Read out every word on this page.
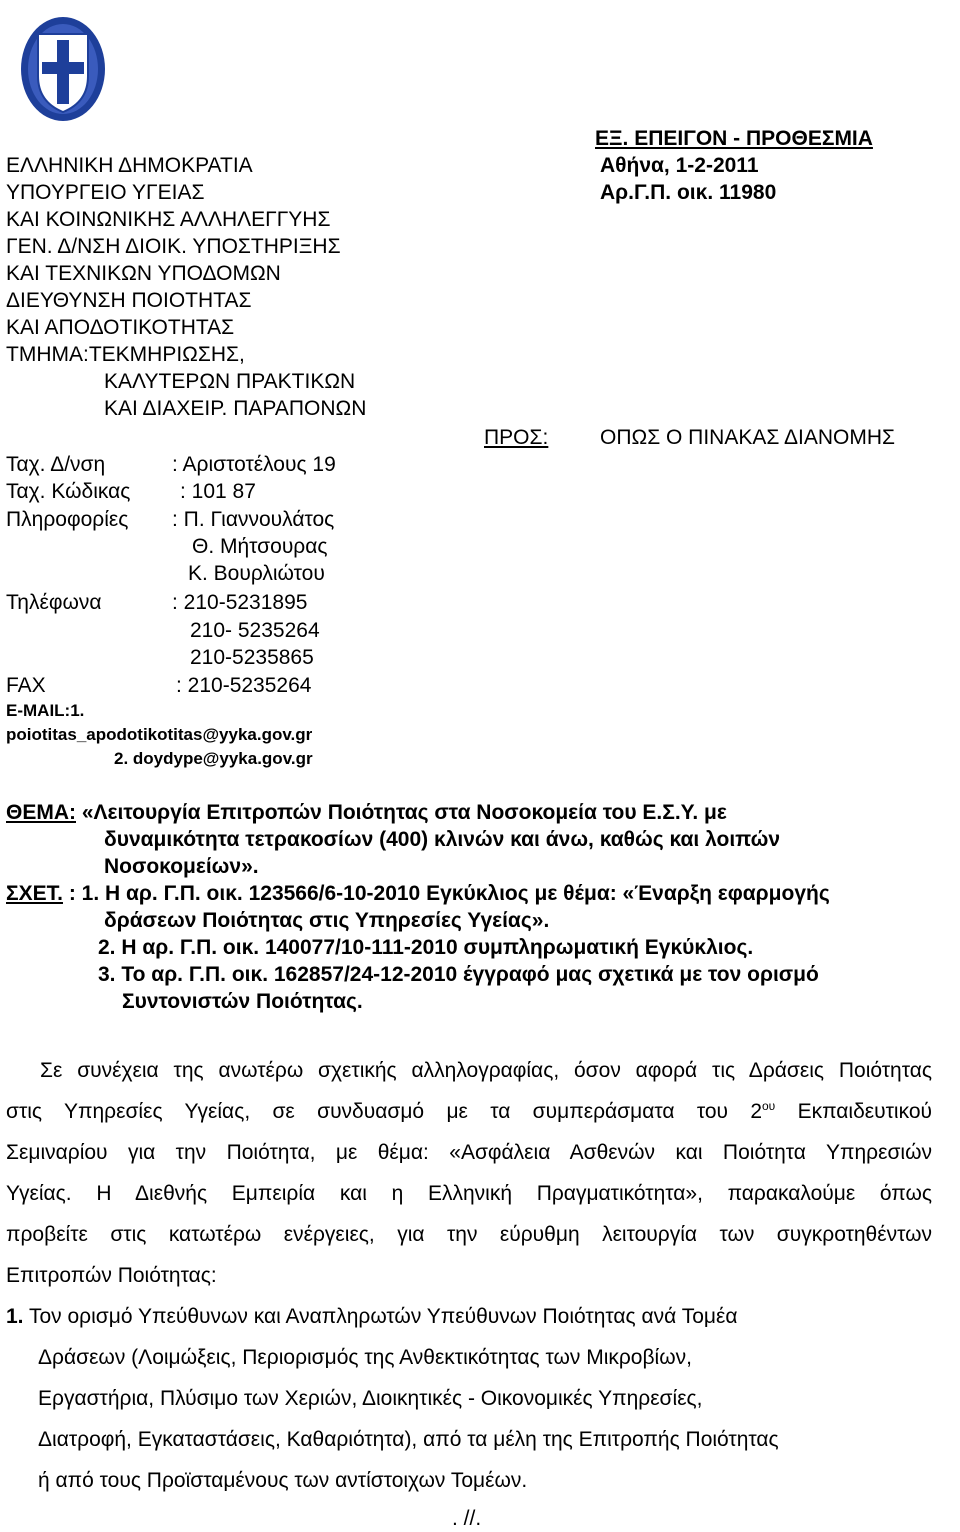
ΕΞ. ΕΠΕΙΓΟΝ - ΠΡΟΘΕΣΜΙΑ
Αθήνα, 1-2-2011
Αρ.Γ.Π. οικ. 11980
ΕΛΛΗΝΙΚΗ ΔΗΜΟΚΡΑΤΙΑ
ΥΠΟΥΡΓΕΙΟ ΥΓΕΙΑΣ
ΚΑΙ ΚΟΙΝΩΝΙΚΗΣ ΑΛΛΗΛΕΓΓΥΗΣ
ΓΕΝ. Δ/ΝΣΗ ΔΙΟΙΚ. ΥΠΟΣΤΗΡΙΞΗΣ
ΚΑΙ ΤΕΧΝΙΚΩΝ ΥΠΟΔΟΜΩΝ
ΔΙΕΥΘΥΝΣΗ ΠΟΙΟΤΗΤΑΣ
ΚΑΙ ΑΠΟΔΟΤΙΚΟΤΗΤΑΣ
ΤΜΗΜΑ:ΤΕΚΜΗΡΙΩΣΗΣ,
ΚΑΛΥΤΕΡΩΝ ΠΡΑΚΤΙΚΩΝ
ΚΑΙ ΔΙΑΧΕΙΡ. ΠΑΡΑΠΟΝΩΝ
ΠΡΟΣ: ΟΠΩΣ Ο ΠΙΝΑΚΑΣ ΔΙΑΝΟΜΗΣ
Ταχ. Δ/νση	: Αριστοτέλους 19
Ταχ. Κώδικας : 101 87
Πληροφορίες : Π. Γιαννουλάτος
Θ. Μήτσουρας
Κ. Βουρλιώτου
Τηλέφωνα	: 210-5231895
210- 5235264
210-5235865
FAX	: 210-5235264
E-MAIL:1.
poiotitas_apodotikotitas@yyka.gov.gr
2. doydype@yyka.gov.gr
ΘΕΜΑ: «Λειτουργία Επιτροπών Ποιότητας στα Νοσοκομεία του Ε.Σ.Υ. με
δυναμικότητα τετρακοσίων (400) κλινών και άνω, καθώς και λοιπών
Νοσοκομείων».
ΣΧΕΤ. : 1. Η αρ. Γ.Π. οικ. 123566/6-10-2010 Εγκύκλιος με θέμα: «Έναρξη εφαρμογής
δράσεων Ποιότητας στις Υπηρεσίες Υγείας».
2. Η αρ. Γ.Π. οικ. 140077/10-111-2010 συμπληρωματική Εγκύκλιος.
3. Το αρ. Γ.Π. οικ. 162857/24-12-2010 έγγραφό μας σχετικά με τον ορισμό
Συντονιστών Ποιότητας.
Σε συνέχεια της ανωτέρω σχετικής αλληλογραφίας, όσον αφορά τις Δράσεις Ποιότητας
στις Υπηρεσίες Υγείας, σε συνδυασμό με τα συμπεράσματα του $2^{o\upsilon}$ Εκπαιδευτικού
Σεμιναρίου για την Ποιότητα, με θέμα: «Ασφάλεια Ασθενών και Ποιότητα Υπηρεσιών
Υγείας. Η Διεθνής Εμπειρία και η Ελληνική Πραγματικότητα», παρακαλούμε όπως
προβείτε στις κατωτέρω ενέργειες, για την εύρυθμη λειτουργία των συγκροτηθέντων
Επιτροπών Ποιότητας:
1. Τον ορισμό Υπεύθυνων και Αναπληρωτών Υπεύθυνων Ποιότητας ανά Τομέα
Δράσεων (Λοιμώξεις, Περιορισμός της Ανθεκτικότητας των Μικροβίων,
Εργαστήρια, Πλύσιμο των Χεριών, Διοικητικές - Οικονομικές Υπηρεσίες,
Διατροφή, Εγκαταστάσεις, Καθαριότητα), από τα μέλη της Επιτροπής Ποιότητας
ή από τους Προϊσταμένους των αντίστοιχων Τομέων.
. //.
